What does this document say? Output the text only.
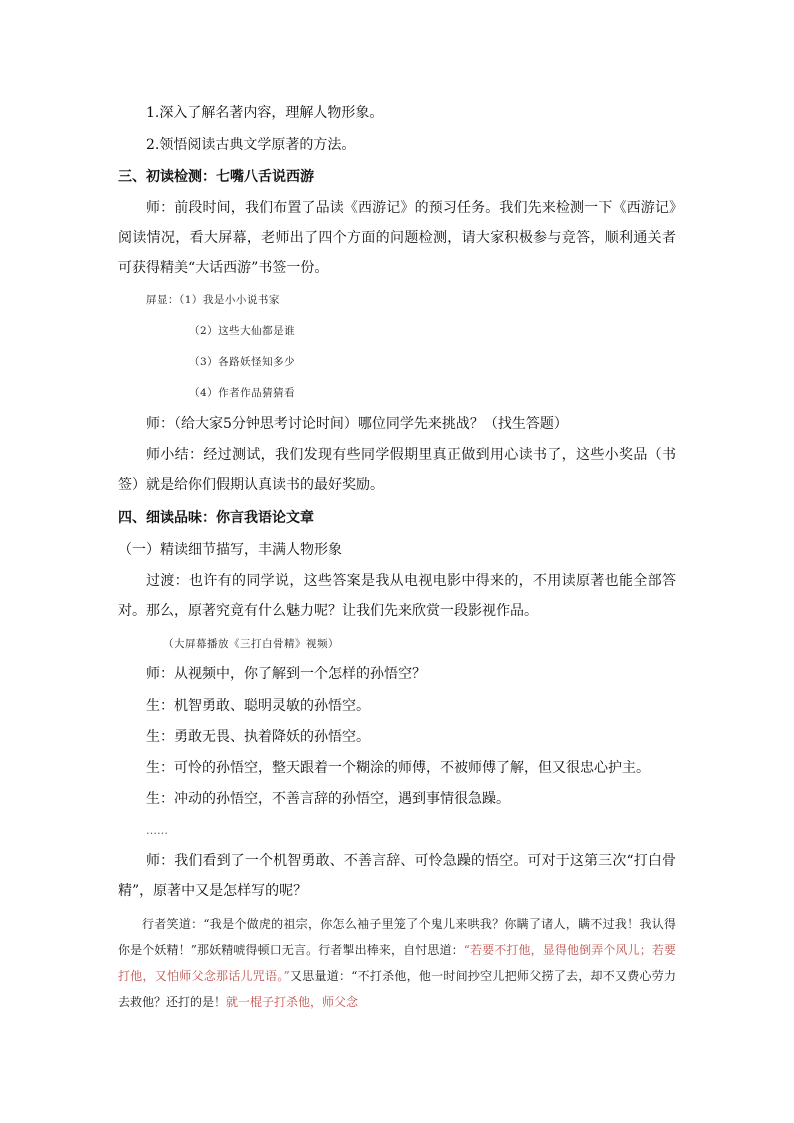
1.深入了解名著内容，理解人物形象。
2.领悟阅读古典文学原著的方法。
三、初读检测：七嘴八舌说西游
师：前段时间，我们布置了品读《西游记》的预习任务。我们先来检测一下《西游记》阅读情况，看大屏幕，老师出了四个方面的问题检测，请大家积极参与竞答，顺利通关者可获得精美“大话西游”书签一份。
屏显：（1）我是小小说书家
（2）这些大仙都是谁
（3）各路妖怪知多少
（4）作者作品猜猜看
师：（给大家5分钟思考讨论时间）哪位同学先来挑战？（找生答题）
师小结：经过测试，我们发现有些同学假期里真正做到用心读书了，这些小奖品（书签）就是给你们假期认真读书的最好奖励。
四、细读品味：你言我语论文章
（一）精读细节描写，丰满人物形象
过渡：也许有的同学说，这些答案是我从电视电影中得来的，不用读原著也能全部答对。那么，原著究竟有什么魅力呢？让我们先来欣赏一段影视作品。
（大屏幕播放《三打白骨精》视频）
师：从视频中，你了解到一个怎样的孙悟空？
生：机智勇敢、聪明灵敏的孙悟空。
生：勇敢无畏、执着降妖的孙悟空。
生：可怜的孙悟空，整天跟着一个糊涂的师傅，不被师傅了解，但又很忠心护主。
生：冲动的孙悟空，不善言辞的孙悟空，遇到事情很急躁。
……
师：我们看到了一个机智勇敢、不善言辞、可怜急躁的悟空。可对于这第三次“打白骨精”，原著中又是怎样写的呢？
行者笑道：“我是个做虎的祖宗，你怎么袖子里笼了个鬼儿来哄我？你瞒了诸人，瞒不过我！我认得你是个妖精！”那妖精唬得顿口无言。行者掣出棒来，自忖思道：“若要不打他，显得他倒弄个风儿；若要打他，又怕师父念那话儿咒语。”又思量道：“不打杀他，他一时间抄空儿把师父捞了去，却不又费心劳力去救他？还打的是！就一棍子打杀他，师父念
